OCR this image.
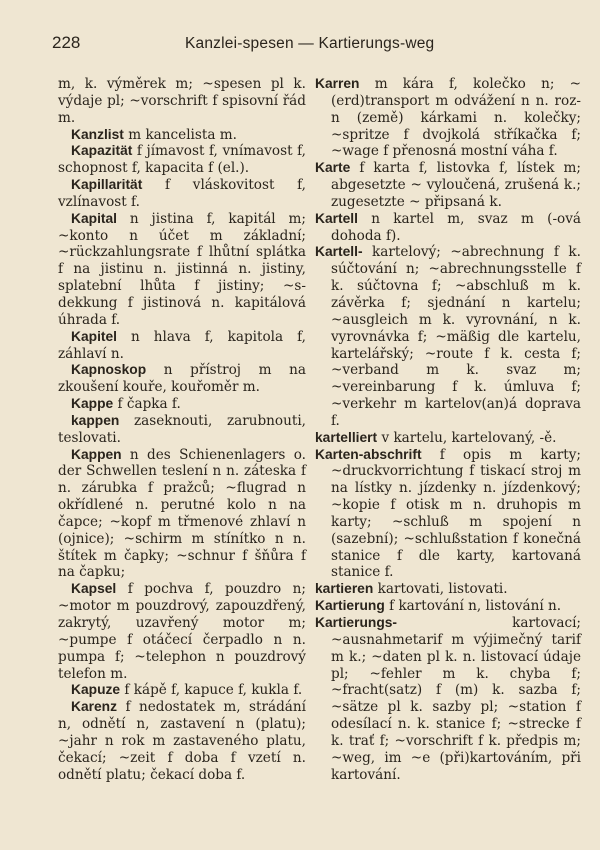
228	Kanzlei-spesen — Kartierungs-weg

m, k. výměrek m; ~spesen pl k. výdaje pl; ~vorschrift f spisovní řád m.

Kanzlist m kancelista m.

Kapazität f jímavost f, vnímavost f, schopnost f, kapacita f (el.).

Kapillarität f vláskovitost f, vzlínavost f.

Kapital n jistina f, kapitál m; ~konto n účet m základní; ~rückzahlungsrate f lhůtní splátka f na jistinu n. jistinná n. jistiny, splatební lhůta f jistiny; ~s-dekkung f jistinová n. kapitálová úhrada f.

Kapitel n hlava f, kapitola f, záhlaví n.

Kapnoskop n přístroj m na zkoušení kouře, kouřoměr m.

Kappe f čapka f.

kappen zaseknouti, zarubnouti, teslovati.

Kappen n des Schienenlagers o. der Schwellen teslení n n. záteska f n. zárubka f pražců; ~flugrad n okřídlené n. perutné kolo n na čapce; ~kopf m třmenové zhlaví n (ojnice); ~schirm m stínítko n n. štítek m čapky; ~schnur f šňůra f na čapku;

Kapsel f pochva f, pouzdro n; ~motor m pouzdrový, zapouzdřený, zakrytý, uzavřený motor m; ~pumpe f otáčecí čerpadlo n n. pumpa f; ~telephon n pouzdrový telefon m.

Kapuze f kápě f, kapuce f, kukla f.

Karenz f nedostatek m, strádání n, odnětí n, zastavení n (platu); ~jahr n rok m zastaveného platu, čekací; ~zeit f doba f vzetí n. odnětí platu; čekací doba f.

Karren m kára f, kolečko n; ~(erd)transport m odvážení n n. roz- n (země) kárkami n. kolečky; ~spritze f dvojkolá stříkačka f; ~wage f přenosná mostní váha f.

Karte f karta f, listovka f, lístek m; abgesetzte ~ vyloučená, zrušená k.; zugesetzte ~ připsaná k.

Kartell n kartel m, svaz m (-ová dohoda f).

Kartell- kartelový; ~abrechnung f k. súčtování n; ~abrechnungsstelle f k. súčtovna f; ~abschluß m k. závěrka f; sjednání n kartelu; ~ausgleich m k. vyrovnání, n k. vyrovnávka f; ~mäßig dle kartelu, kartelářský; ~route f k. cesta f; ~verband m k. svaz m; ~vereinbarung f k. úmluva f; ~verkehr m kartelov(an)á doprava f.

kartelliert v kartelu, kartelovaný, -ě.

Karten-abschrift f opis m karty; ~druckvorrichtung f tiskací stroj m na lístky n. jízdenky n. jízdenkový; ~kopie f otisk m n. druhopis m karty; ~schluß m spojení n (sazební); ~schlußstation f konečná stanice f dle karty, kartovaná stanice f.

kartieren kartovati, listovati.

Kartierung f kartování n, listování n.

Kartierungs- kartovací; ~ausnahmetarif m výjimečný tarif m k.; ~daten pl k. n. listovací údaje pl; ~fehler m k. chyba f; ~fracht(satz) f (m) k. sazba f; ~sätze pl k. sazby pl; ~station f odesílací n. k. stanice f; ~strecke f k. trať f; ~vorschrift f k. předpis m; ~weg, im ~e (při)kartováním, při kartování.
